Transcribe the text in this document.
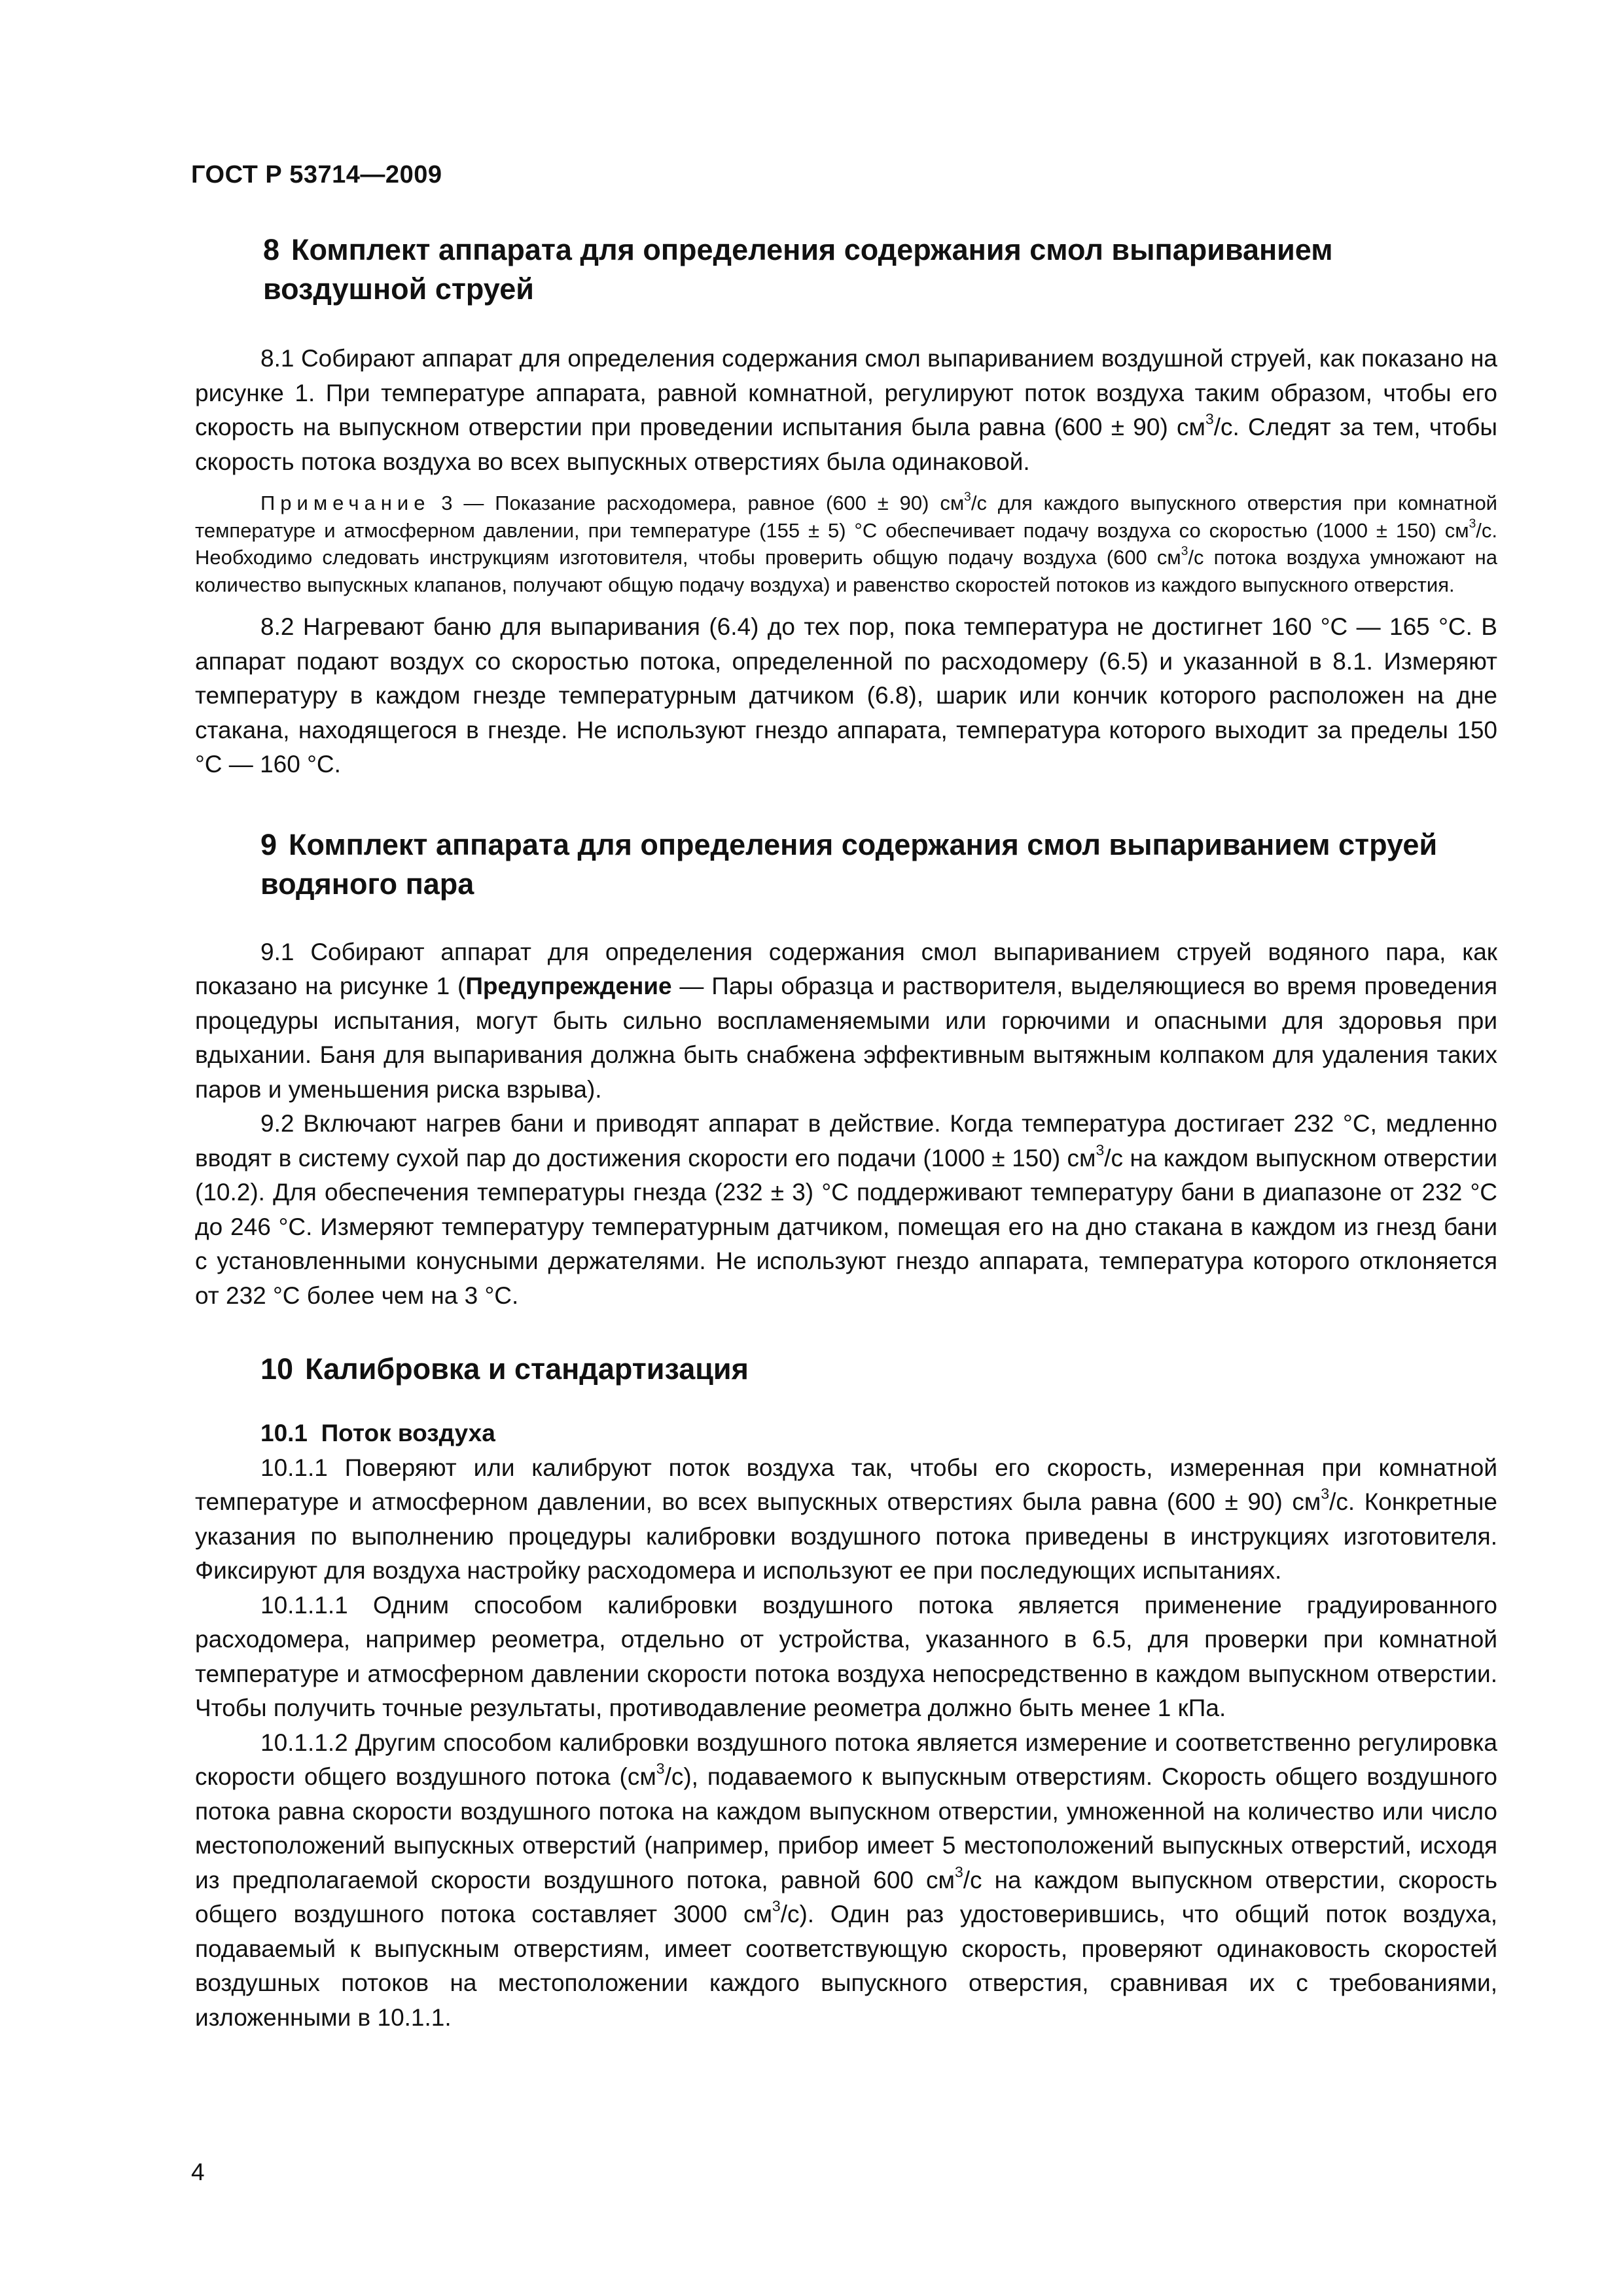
ГОСТ Р 53714—2009
8 Комплект аппарата для определения содержания смол выпариванием воздушной струей

8.1 Собирают аппарат для определения содержания смол выпариванием воздушной струей, как показано на рисунке 1. При температуре аппарата, равной комнатной, регулируют поток воздуха таким образом, чтобы его скорость на выпускном отверстии при проведении испытания была равна (600 ± 90) $см^3/с$. Следят за тем, чтобы скорость потока воздуха во всех выпускных отверстиях была одинаковой.

Примечание 3 — Показание расходомера, равное (600 ± 90) $см^3/с$ для каждого выпускного отверстия при комнатной температуре и атмосферном давлении, при температуре (155 ± 5) °С обеспечивает подачу воздуха со скоростью (1000 ± 150) $см^3/с$. Необходимо следовать инструкциям изготовителя, чтобы проверить общую подачу воздуха (600 $см^3/с$ потока воздуха умножают на количество выпускных клапанов, получают общую подачу воздуха) и равенство скоростей потоков из каждого выпускного отверстия.

8.2 Нагревают баню для выпаривания (6.4) до тех пор, пока температура не достигнет 160 °С — 165 °С. В аппарат подают воздух со скоростью потока, определенной по расходомеру (6.5) и указанной в 8.1. Измеряют температуру в каждом гнезде температурным датчиком (6.8), шарик или кончик которого расположен на дне стакана, находящегося в гнезде. Не используют гнездо аппарата, температура которого выходит за пределы 150 °С — 160 °С.

9 Комплект аппарата для определения содержания смол выпариванием струей водяного пара

9.1 Собирают аппарат для определения содержания смол выпариванием струей водяного пара, как показано на рисунке 1 (Предупреждение — Пары образца и растворителя, выделяющиеся во время проведения процедуры испытания, могут быть сильно воспламеняемыми или горючими и опасными для здоровья при вдыхании. Баня для выпаривания должна быть снабжена эффективным вытяжным колпаком для удаления таких паров и уменьшения риска взрыва).

9.2 Включают нагрев бани и приводят аппарат в действие. Когда температура достигает 232 °С, медленно вводят в систему сухой пар до достижения скорости его подачи (1000 ± 150) $см^3/с$ на каждом выпускном отверстии (10.2). Для обеспечения температуры гнезда (232 ± 3) °С поддерживают температуру бани в диапазоне от 232 °С до 246 °С. Измеряют температуру температурным датчиком, помещая его на дно стакана в каждом из гнезд бани с установленными конусными держателями. Не используют гнездо аппарата, температура которого отклоняется от 232 °С более чем на 3 °С.

10 Калибровка и стандартизация

10.1 Поток воздуха

10.1.1 Поверяют или калибруют поток воздуха так, чтобы его скорость, измеренная при комнатной температуре и атмосферном давлении, во всех выпускных отверстиях была равна (600 ± 90) $см^3/с$. Конкретные указания по выполнению процедуры калибровки воздушного потока приведены в инструкциях изготовителя. Фиксируют для воздуха настройку расходомера и используют ее при последующих испытаниях.

10.1.1.1 Одним способом калибровки воздушного потока является применение градуированного расходомера, например реометра, отдельно от устройства, указанного в 6.5, для проверки при комнатной температуре и атмосферном давлении скорости потока воздуха непосредственно в каждом выпускном отверстии. Чтобы получить точные результаты, противодавление реометра должно быть менее 1 кПа.

10.1.1.2 Другим способом калибровки воздушного потока является измерение и соответственно регулировка скорости общего воздушного потока $(см^3/с)$, подаваемого к выпускным отверстиям. Скорость общего воздушного потока равна скорости воздушного потока на каждом выпускном отверстии, умноженной на количество или число местоположений выпускных отверстий (например, прибор имеет 5 местоположений выпускных отверстий, исходя из предполагаемой скорости воздушного потока, равной 600 $см^3/с$ на каждом выпускном отверстии, скорость общего воздушного потока составляет 3000 $см^3/с$). Один раз удостоверившись, что общий поток воздуха, подаваемый к выпускным отверстиям, имеет соответствующую скорость, проверяют одинаковость скоростей воздушных потоков на местоположении каждого выпускного отверстия, сравнивая их с требованиями, изложенными в 10.1.1.

4
